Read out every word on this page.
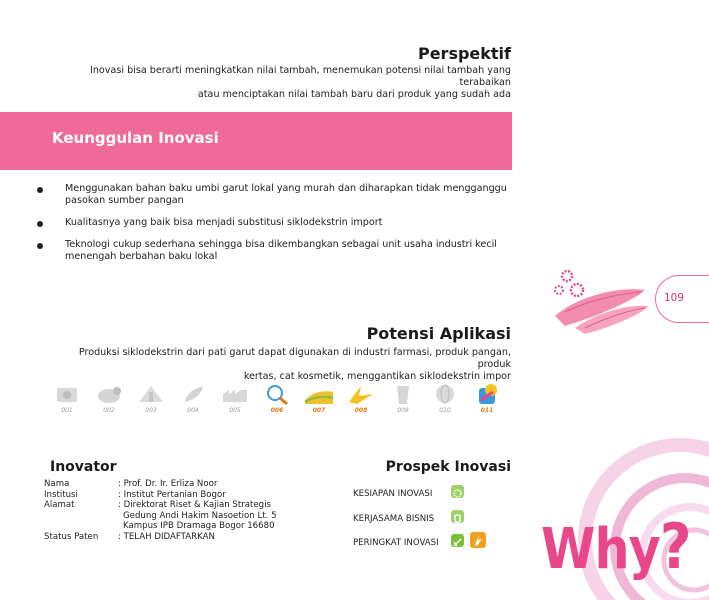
Perspektif
Inovasi bisa berarti meningkatkan nilai tambah, menemukan potensi nilai tambah yang terabaikan
atau menciptakan nilai tambah baru dari produk yang sudah ada
Keunggulan Inovasi
Menggunakan bahan baku umbi garut lokal yang murah dan diharapkan tidak mengganggu pasokan sumber pangan
Kualitasnya yang baik bisa menjadi substitusi siklodekstrin import
Teknologi cukup sederhana sehingga bisa dikembangkan sebagai unit usaha industri kecil menengah berbahan baku lokal
109
Potensi Aplikasi
Produksi siklodekstrin dari pati garut dapat digunakan di industri farmasi, produk pangan, produk
kertas, cat kosmetik, menggantikan siklodekstrin impor
001	002	003	004	005	006	007	008	009	010	011
Inovator
Nama	: Prof. Dr. Ir. Erliza Noor
Institusi	: Institut Pertanian Bogor
Alamat	: Direktorat Riset & Kajian Strategis
Gedung Andi Hakim Nasoetion Lt. 5
Kampus IPB Dramaga Bogor 16680
Status Paten	: TELAH DIDAFTARKAN
Prospek Inovasi
KESIAPAN INOVASI
KERJASAMA BISNIS
PERINGKAT INOVASI Why?
